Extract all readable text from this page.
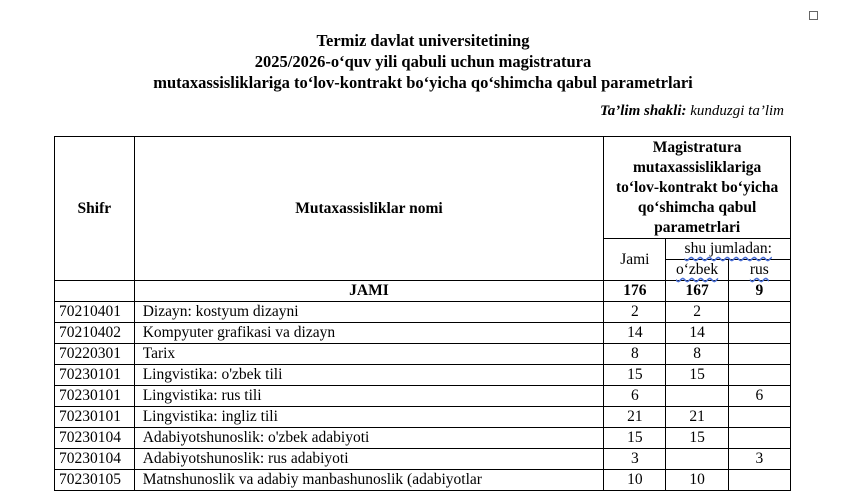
Termiz davlat universitetining
2025/2026-o‘quv yili qabuli uchun magistratura
mutaxassisliklariga to‘lov-kontrakt bo‘yicha qo‘shimcha qabul parametrlari
Ta’lim shakli: kunduzgi ta’lim
Shifr	Mutaxassisliklar nomi	Magistratura mutaxassisliklariga to‘lov-kontrakt bo‘yicha qo‘shimcha qabul parametrlari		
		Jami	shu jumladan:	
			o‘zbek	rus
	JAMI	176	167	9
70210401	Dizayn: kostyum dizayni	2	2	
70210402	Kompyuter grafikasi va dizayn	14	14	
70220301	Tarix	8	8	
70230101	Lingvistika: o'zbek tili	15	15	
70230101	Lingvistika: rus tili	6		6
70230101	Lingvistika: ingliz tili	21	21	
70230104	Adabiyotshunoslik: o'zbek adabiyoti	15	15	
70230104	Adabiyotshunoslik: rus adabiyoti	3		3
70230105	Matnshunoslik va adabiy manbashunoslik (adabiyotlar	10	10	
